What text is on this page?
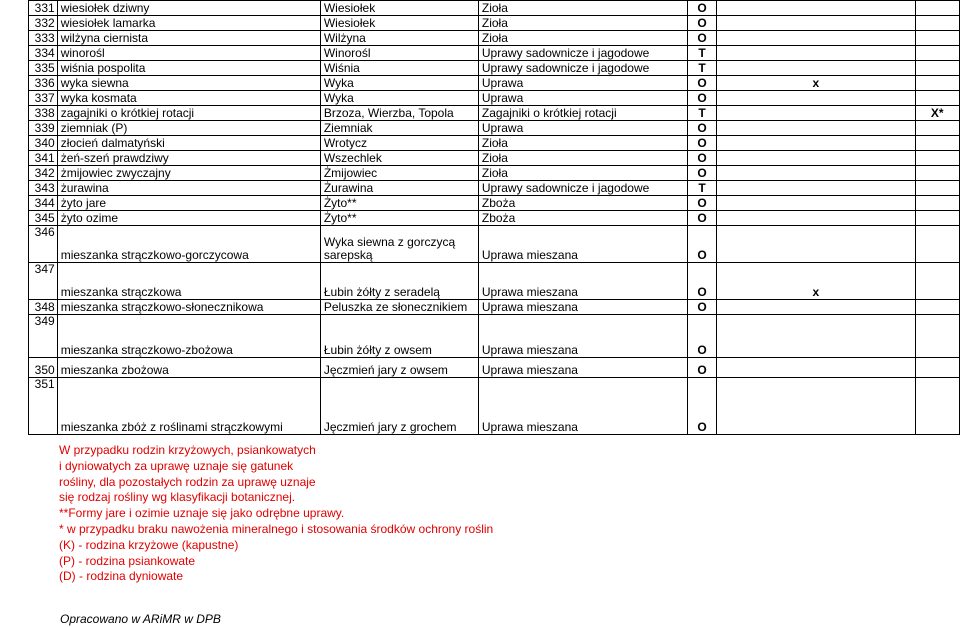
331	wiesiołek dziwny	Wiesiołek	Zioła	O		
332	wiesiołek lamarka	Wiesiołek	Zioła	O		
333	wilżyna ciernista	Wilżyna	Zioła	O		
334	winorośl	Winorośl	Uprawy sadownicze i jagodowe	T		
335	wiśnia pospolita	Wiśnia	Uprawy sadownicze i jagodowe	T		
336	wyka siewna	Wyka	Uprawa	O	x	
337	wyka kosmata	Wyka	Uprawa	O		
338	zagajniki o krótkiej rotacji	Brzoza, Wierzba, Topola	Zagajniki o krótkiej rotacji	T		X*
339	ziemniak (P)	Ziemniak	Uprawa	O		
340	złocień dalmatyński	Wrotycz	Zioła	O		
341	żeń-szeń prawdziwy	Wszechlek	Zioła	O		
342	żmijowiec zwyczajny	Żmijowiec	Zioła	O		
343	żurawina	Żurawina	Uprawy sadownicze i jagodowe	T		
344	żyto jare	Żyto**	Zboża	O		
345	żyto ozime	Żyto**	Zboża	O		
346	mieszanka strączkowo-gorczycowa	Wyka siewna z gorczycą sarepską	Uprawa mieszana	O		
347	mieszanka strączkowa	Łubin żółty z seradelą	Uprawa mieszana	O	x	
348	mieszanka strączkowo-słonecznikowa	Peluszka ze słonecznikiem	Uprawa mieszana	O		
349	mieszanka strączkowo-zbożowa	Łubin żółty z owsem	Uprawa mieszana	O		
350	mieszanka zbożowa	Jęczmień jary z owsem	Uprawa mieszana	O		
351	mieszanka zbóż z roślinami strączkowymi	Jęczmień jary z grochem	Uprawa mieszana	O		
W przypadku rodzin krzyżowych, psiankowatych
i dyniowatych za uprawę uznaje się gatunek
rośliny, dla pozostałych rodzin za uprawę uznaje
się rodzaj rośliny wg klasyfikacji botanicznej.
**Formy jare i ozimie uznaje się jako odrębne uprawy.
* w przypadku braku nawożenia mineralnego i stosowania środków ochrony roślin
(K) - rodzina krzyżowe (kapustne)
(P) - rodzina psiankowate
(D) - rodzina dyniowate
Opracowano w ARiMR w DPB
